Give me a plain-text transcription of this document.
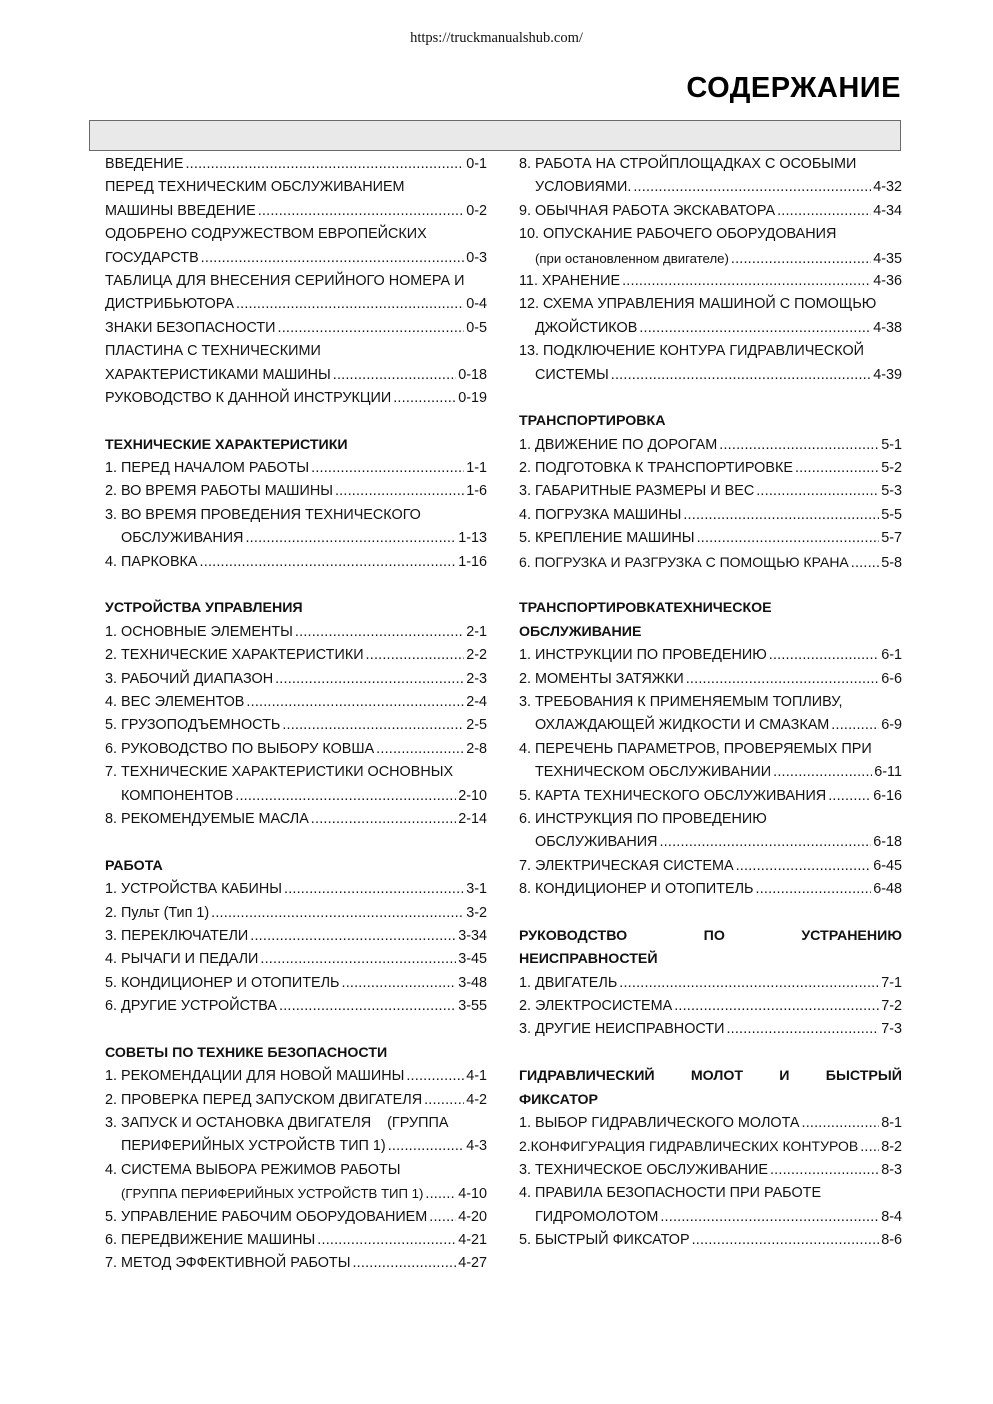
https://truckmanualshub.com/
СОДЕРЖАНИЕ
ВВЕДЕНИЕ .....	0-1
ПЕРЕД ТЕХНИЧЕСКИМ ОБСЛУЖИВАНИЕМ
МАШИНЫ ВВЕДЕНИЕ .....	0-2
ОДОБРЕНО СОДРУЖЕСТВОМ ЕВРОПЕЙСКИХ
ГОСУДАРСТВ .....	0-3
ТАБЛИЦА ДЛЯ ВНЕСЕНИЯ СЕРИЙНОГО НОМЕРА И
ДИСТРИБЬЮТОРА .....	0-4
ЗНАКИ БЕЗОПАСНОСТИ .....	0-5
ПЛАСТИНА С ТЕХНИЧЕСКИМИ
ХАРАКТЕРИСТИКАМИ МАШИНЫ .....	0-18
РУКОВОДСТВО К ДАННОЙ ИНСТРУКЦИИ .....	0-19
ТЕХНИЧЕСКИЕ ХАРАКТЕРИСТИКИ
1. ПЕРЕД НАЧАЛОМ РАБОТЫ .....	1-1
2. ВО ВРЕМЯ РАБОТЫ МАШИНЫ .....	1-6
3. ВО ВРЕМЯ ПРОВЕДЕНИЯ ТЕХНИЧЕСКОГО
ОБСЛУЖИВАНИЯ .....	1-13
4. ПАРКОВКА .....	1-16
УСТРОЙСТВА УПРАВЛЕНИЯ
1. ОСНОВНЫЕ ЭЛЕМЕНТЫ .....	2-1
2. ТЕХНИЧЕСКИЕ ХАРАКТЕРИСТИКИ .....	2-2
3. РАБОЧИЙ ДИАПАЗОН .....	2-3
4. ВЕС ЭЛЕМЕНТОВ .....	2-4
5. ГРУЗОПОДЪЕМНОСТЬ .....	2-5
6. РУКОВОДСТВО ПО ВЫБОРУ КОВША .....	2-8
7. ТЕХНИЧЕСКИЕ ХАРАКТЕРИСТИКИ ОСНОВНЫХ
КОМПОНЕНТОВ .....	2-10
8. РЕКОМЕНДУЕМЫЕ МАСЛА .....	2-14
РАБОТА
1. УСТРОЙСТВА КАБИНЫ .....	3-1
2. Пульт (Тип 1) .....	3-2
3. ПЕРЕКЛЮЧАТЕЛИ .....	3-34
4. РЫЧАГИ И ПЕДАЛИ .....	3-45
5. КОНДИЦИОНЕР И ОТОПИТЕЛЬ .....	3-48
6. ДРУГИЕ УСТРОЙСТВА .....	3-55
СОВЕТЫ ПО ТЕХНИКЕ БЕЗОПАСНОСТИ
1. РЕКОМЕНДАЦИИ ДЛЯ НОВОЙ МАШИНЫ .....	4-1
2. ПРОВЕРКА ПЕРЕД ЗАПУСКОМ ДВИГАТЕЛЯ .....	4-2
3. ЗАПУСК И ОСТАНОВКА ДВИГАТЕЛЯ    (ГРУППА
ПЕРИФЕРИЙНЫХ УСТРОЙСТВ ТИП 1) .....	4-3
4. СИСТЕМА ВЫБОРА РЕЖИМОВ РАБОТЫ
(ГРУППА ПЕРИФЕРИЙНЫХ УСТРОЙСТВ ТИП 1) ..... 4-10
5. УПРАВЛЕНИЕ РАБОЧИМ ОБОРУДОВАНИЕМ ..... 4-20
6. ПЕРЕДВИЖЕНИЕ МАШИНЫ .....	4-21
7. МЕТОД ЭФФЕКТИВНОЙ РАБОТЫ .....	4-27
8. РАБОТА НА СТРОЙПЛОЩАДКАХ С ОСОБЫМИ
УСЛОВИЯМИ. .....	4-32
9. ОБЫЧНАЯ РАБОТА ЭКСКАВАТОРА .....	4-34
10. ОПУСКАНИЕ РАБОЧЕГО ОБОРУДОВАНИЯ
(при остановленном двигателе) .....	4-35
11. ХРАНЕНИЕ .....	4-36
12. СХЕМА УПРАВЛЕНИЯ МАШИНОЙ С ПОМОЩЬЮ
ДЖОЙСТИКОВ .....	4-38
13. ПОДКЛЮЧЕНИЕ КОНТУРА ГИДРАВЛИЧЕСКОЙ
СИСТЕМЫ .....	4-39
ТРАНСПОРТИРОВКА
1. ДВИЖЕНИЕ ПО ДОРОГАМ .....	5-1
2. ПОДГОТОВКА К ТРАНСПОРТИРОВКЕ .....	5-2
3. ГАБАРИТНЫЕ РАЗМЕРЫ И ВЕС .....	5-3
4. ПОГРУЗКА МАШИНЫ .....	5-5
5. КРЕПЛЕНИЕ МАШИНЫ .....	5-7
6. ПОГРУЗКА И РАЗГРУЗКА С ПОМОЩЬЮ КРАНА ..... 5-8
ТРАНСПОРТИРОВКАТЕХНИЧЕСКОЕ
ОБСЛУЖИВАНИЕ
1. ИНСТРУКЦИИ ПО ПРОВЕДЕНИЮ .....	6-1
2. МОМЕНТЫ ЗАТЯЖКИ .....	6-6
3. ТРЕБОВАНИЯ К ПРИМЕНЯЕМЫМ ТОПЛИВУ,
ОХЛАЖДАЮЩЕЙ ЖИДКОСТИ И СМАЗКАМ .....	6-9
4. ПЕРЕЧЕНЬ ПАРАМЕТРОВ, ПРОВЕРЯЕМЫХ ПРИ
ТЕХНИЧЕСКОМ ОБСЛУЖИВАНИИ .....	6-11
5. КАРТА ТЕХНИЧЕСКОГО ОБСЛУЖИВАНИЯ .....	6-16
6. ИНСТРУКЦИЯ ПО ПРОВЕДЕНИЮ
ОБСЛУЖИВАНИЯ .....	6-18
7. ЭЛЕКТРИЧЕСКАЯ СИСТЕМА .....	6-45
8. КОНДИЦИОНЕР И ОТОПИТЕЛЬ .....	6-48
РУКОВОДСТВО	ПО	УСТРАНЕНИЮ
НЕИСПРАВНОСТЕЙ
1. ДВИГАТЕЛЬ .....	7-1
2. ЭЛЕКТРОСИСТЕМА .....	7-2
3. ДРУГИЕ НЕИСПРАВНОСТИ .....	7-3
ГИДРАВЛИЧЕСКИЙ	МОЛОТ	И	БЫСТРЫЙ
ФИКСАТОР
1. ВЫБОР ГИДРАВЛИЧЕСКОГО МОЛОТА .....	8-1
2.КОНФИГУРАЦИЯ ГИДРАВЛИЧЕСКИХ КОНТУРОВ ..... 8-2
3. ТЕХНИЧЕСКОЕ ОБСЛУЖИВАНИЕ .....	8-3
4. ПРАВИЛА БЕЗОПАСНОСТИ ПРИ РАБОТЕ
ГИДРОМОЛОТОМ .....	8-4
5. БЫСТРЫЙ ФИКСАТОР .....	8-6
